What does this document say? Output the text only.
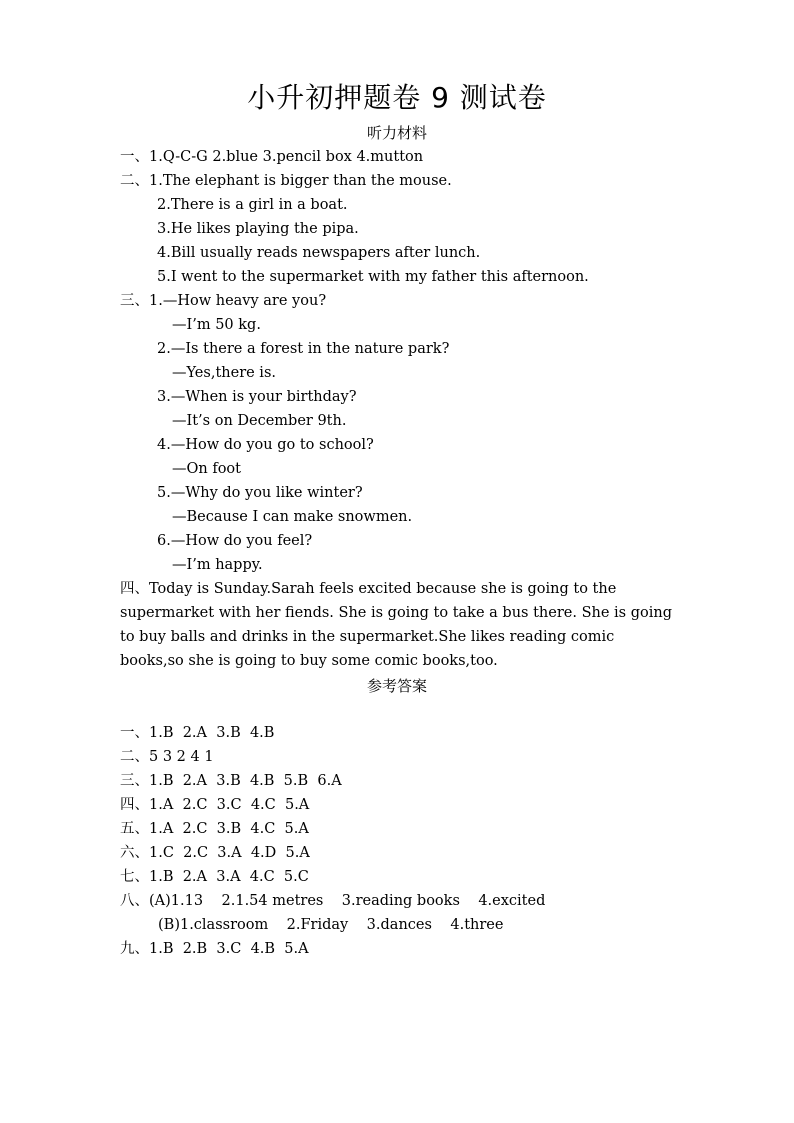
小升初押题卷 9 测试卷
听力材料
一、1.Q-C-G 2.blue 3.pencil box 4.mutton
二、1.The elephant is bigger than the mouse.
2.There is a girl in a boat.
3.He likes playing the pipa.
4.Bill usually reads newspapers after lunch.
5.I went to the supermarket with my father this afternoon.
三、1.—How heavy are you?
—I’m 50 kg.
2.—Is there a forest in the nature park?
—Yes,there is.
3.—When is your birthday?
—It’s on December 9th.
4.—How do you go to school?
—On foot
5.—Why do you like winter?
—Because I can make snowmen.
6.—How do you feel?
—I’m happy.
四、Today is Sunday.Sarah feels excited because she is going to the
supermarket with her fiends. She is going to take a bus there. She is going
to buy balls and drinks in the supermarket.She likes reading comic
books,so she is going to buy some comic books,too.
参考答案
一、1.B  2.A  3.B  4.B
二、5 3 2 4 1
三、1.B  2.A  3.B  4.B  5.B  6.A
四、1.A  2.C  3.C  4.C  5.A
五、1.A  2.C  3.B  4.C  5.A
六、1.C  2.C  3.A  4.D  5.A
七、1.B  2.A  3.A  4.C  5.C
八、(A)1.13    2.1.54 metres    3.reading books    4.excited
(B)1.classroom    2.Friday    3.dances    4.three
九、1.B  2.B  3.C  4.B  5.A
